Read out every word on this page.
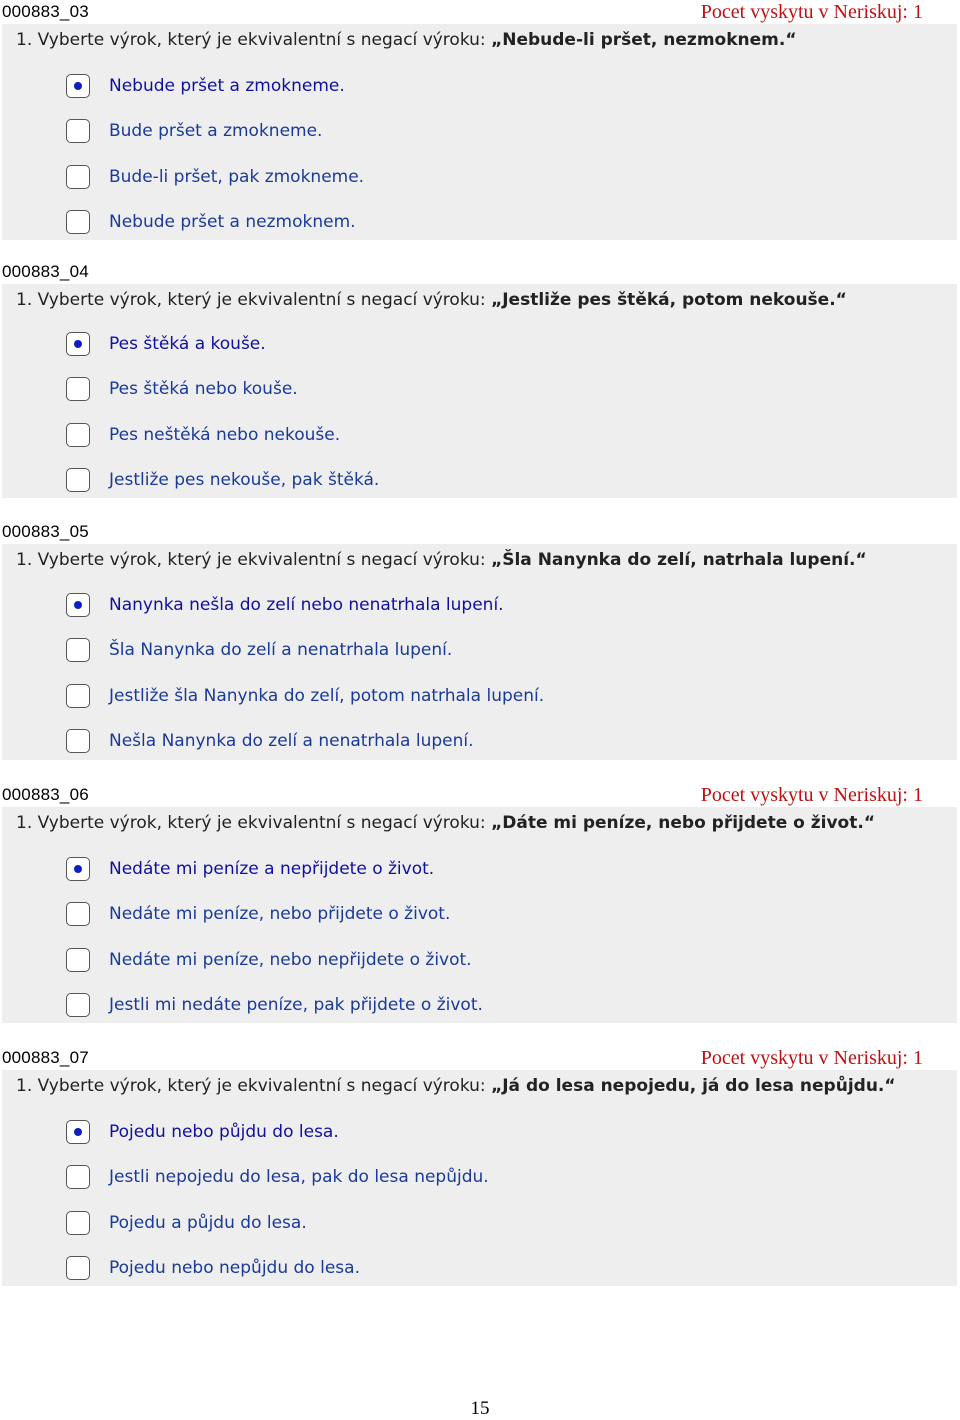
000883_03	Pocet vyskytu v Neriskuj: 1
1. Vyberte výrok, který je ekvivalentní s negací výroku: „Nebude-li pršet, nezmoknem.“
Nebude pršet a zmokneme.
Bude pršet a zmokneme.
Bude-li pršet, pak zmokneme.
Nebude pršet a nezmoknem.
000883_04
1. Vyberte výrok, který je ekvivalentní s negací výroku: „Jestliže pes štěká, potom nekouše.“
Pes štěká a kouše.
Pes štěká nebo kouše.
Pes neštěká nebo nekouše.
Jestliže pes nekouše, pak štěká.
000883_05
1. Vyberte výrok, který je ekvivalentní s negací výroku: „Šla Nanynka do zelí, natrhala lupení.“
Nanynka nešla do zelí nebo nenatrhala lupení.
Šla Nanynka do zelí a nenatrhala lupení.
Jestliže šla Nanynka do zelí, potom natrhala lupení.
Nešla Nanynka do zelí a nenatrhala lupení.
000883_06	Pocet vyskytu v Neriskuj: 1
1. Vyberte výrok, který je ekvivalentní s negací výroku: „Dáte mi peníze, nebo přijdete o život.“
Nedáte mi peníze a nepřijdete o život.
Nedáte mi peníze, nebo přijdete o život.
Nedáte mi peníze, nebo nepřijdete o život.
Jestli mi nedáte peníze, pak přijdete o život.
000883_07	Pocet vyskytu v Neriskuj: 1
1. Vyberte výrok, který je ekvivalentní s negací výroku: „Já do lesa nepojedu, já do lesa nepůjdu.“
Pojedu nebo půjdu do lesa.
Jestli nepojedu do lesa, pak do lesa nepůjdu.
Pojedu a půjdu do lesa.
Pojedu nebo nepůjdu do lesa.
15
